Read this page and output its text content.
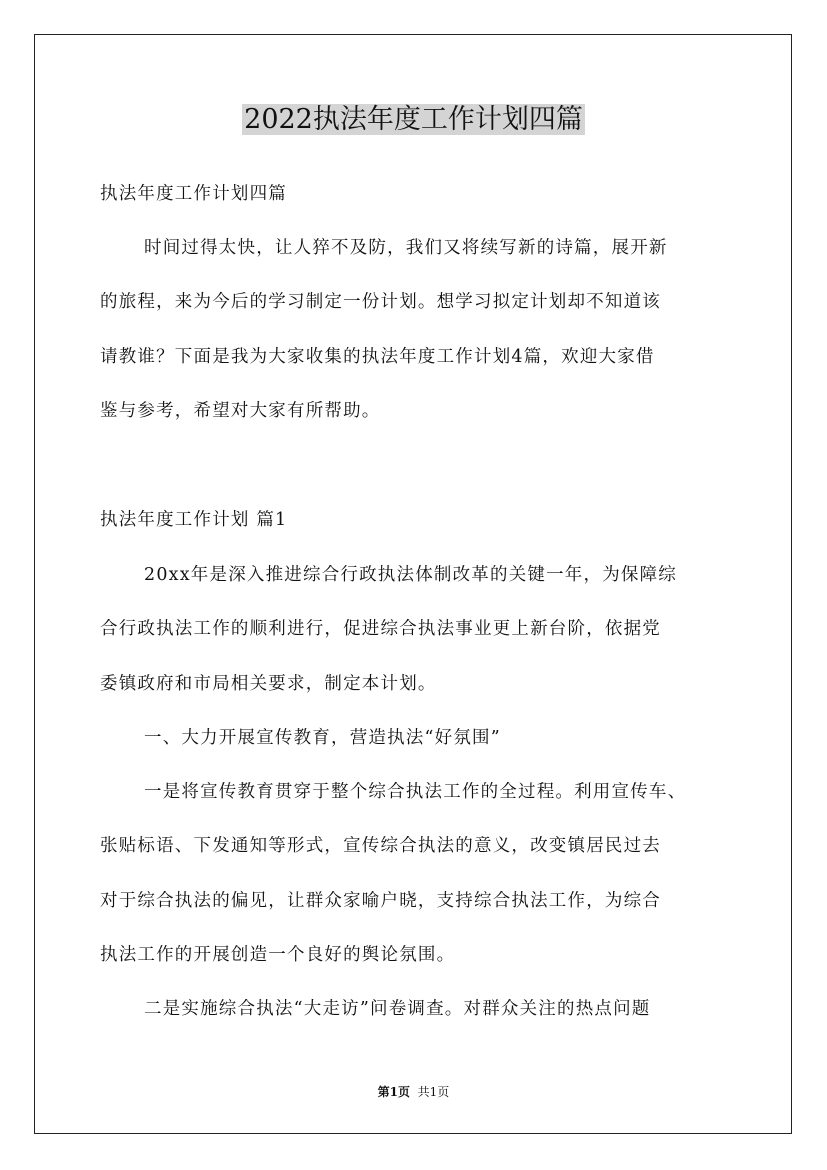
2022执法年度工作计划四篇

执法年度工作计划四篇

时间过得太快，让人猝不及防，我们又将续写新的诗篇，展开新
的旅程，来为今后的学习制定一份计划。想学习拟定计划却不知道该
请教谁？下面是我为大家收集的执法年度工作计划4篇，欢迎大家借
鉴与参考，希望对大家有所帮助。

执法年度工作计划 篇1

20xx年是深入推进综合行政执法体制改革的关键一年，为保障综
合行政执法工作的顺利进行，促进综合执法事业更上新台阶，依据党
委镇政府和市局相关要求，制定本计划。

一、大力开展宣传教育，营造执法“好氛围”

一是将宣传教育贯穿于整个综合执法工作的全过程。利用宣传车、
张贴标语、下发通知等形式，宣传综合执法的意义，改变镇居民过去
对于综合执法的偏见，让群众家喻户晓，支持综合执法工作，为综合
执法工作的开展创造一个良好的舆论氛围。
二是实施综合执法“大走访”问卷调查。对群众关注的热点问题
第1页 共1页
